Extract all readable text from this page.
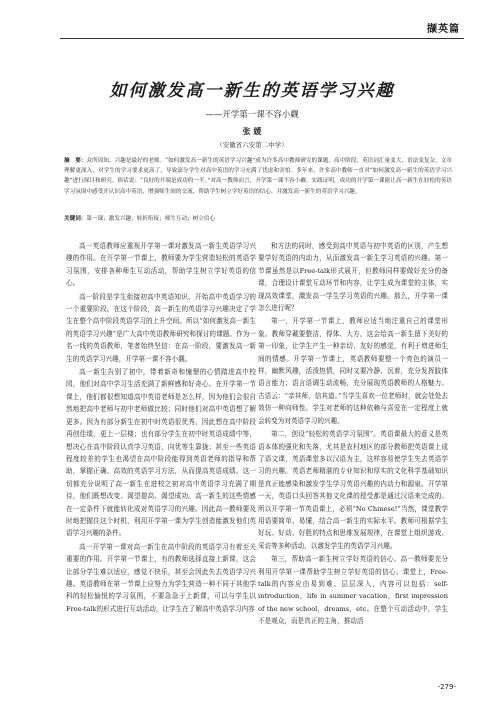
撷英篇
如何激发高一新生的英语学习兴趣
——开学第一课不容小觑
张 媛
（安徽省六安第二中学）
摘　要：众所周知，兴趣是最好的老师。“如何激发高一新生的英语学习兴趣”成为许多高中教师研究的课题。高中阶段，英语词汇量变大，语法变复杂，文章理解更深入，对学生的学习要求更高了，导致部分学生对高中英语的学习充满了忧虑和害怕。多年来，许多高中教师一直对“如何激发高一新生的英语学习兴趣”进行探讨和研究。俗话说：“良好的开端是成功的一半。”对高一教师而言，开学第一课不容小觑。实践证明，成功的开学第一课能让高一新生在轻松的英语学习氛围中感受开认识高中英语，增强师生间的交流，帮助学生树立学好英语的信心，并激发高一新生的英语学习兴趣。
关键词：第一课；激发兴趣；转折衔接；师生互动；树立信心

高一英语教师应重视开学第一课对激发高一新生英语学习兴趣的作用。在开学第一节课上，教师要为学生营造轻松的英语学习氛围，安排各种师生互动活动，帮助学生树立学好英语的信心。

高一阶段是学生衔接初高中英语知识、开始高中英语学习的一个重要阶段。在这个阶段，高一新生的英语学习兴趣决定了学生在整个高中阶段英语学习的上升空间。所以“如何激发高一新生的英语学习兴趣”是广大高中英语教师研究和探讨的课题。作为一名一线的英语教师，笔者始终坚信：在高一阶段，要激发高一新生的英语学习兴趣，开学第一课不容小觑。

高一新生告别了初中，带着新奇和憧憬的心情踏进高中校园，他们对高中学习生活充满了新鲜感和好奇心。在开学第一节课上，他们都很想知道高中英语老师是怎么样，因为他们会很自然地把高中老师与初中老师做比较；同时他们对高中英语想了解更多。因为有部分新生在初中时英语很优秀，因此想在高中阶段再创佳绩，更上一层楼；也有部分学生在初中时英语成绩中等，想决心在高中阶段认真学习英语，向优等生靠拢；甚至一些英语程度较差的学生也渴望在高中阶段能得到英语老师的指导和帮助，掌握正确、高效的英语学习方法，从而提高英语成绩。这一切都充分说明了高一新生在进校之初对高中英语学习充满了期待，他们既想改变、渴望提高、渴望成功。高一新生的这些情感在一定条件下就能转化成对英语学习的兴趣。因此高一教师要及时地把握住这个时机，利用开学第一课为学生创造能激发他们英语学习兴趣的条件。

高一开学第一课对高一新生在高中阶段的英语学习有着至关重要的作用。开学第一节课上，有的教师选择直接上新课，这会让部分学生难以适应，感觉不快乐，甚至会因此失去英语学习兴趣。英语教师在第一节课上应努力为学生营造一种不同于其他学科的轻松愉悦的学习氛围，不要急急于上新课，可以与学生以Free-talk的形式进行互动活动，让学生在了解高中英语学习内容

和方法的同时，感受到高中英语与初中英语的区别，产生想要学好英语的内动力，从而激发高一新生学习英语的兴趣。第一节课虽然是以Free-talk形式展开，但教师同样要做好充分的备课，合理设计课堂互动环节和内容，让学生成为课堂的主体，实现高效课堂，激发高一学生学习英语的兴趣。那么，开学第一课怎么进行呢？

第一，开学第一节课上，教师应适当地注重自己的课堂形象。教师穿戴要整洁，得体、大方，这会给高一新生留下美好的第一印象，让学生产生一种亲切、友好的感觉，有利于增进师生间的情感。开学第一节课上，英语教师要整一个亮色的演员一样，幽默风趣，活泼热情，同时又要冷静、沉着，充分发挥肢体语言能力；语言语调生动流畅，充分展现英语教师的人格魅力。古语云：“亲其师，信其道。”当学生喜欢一位老师时，就会处处去效仿一种向师性。学生对老师的这种依赖与喜爱在一定程度上就会转变为对英语学习的兴趣。

第二，创设“轻松的英语学习氛围”。英语课最大的意义是英语本体的强化和失落，尤其是农村地区的部分教师把英语课上成了语文课，英语课堂多以汉语为主，这样容易使学生失去英语学习的兴趣。英语老师精湛的专业知识和厚实的文化科学基础知识是真正能感染和激发学生学习英语兴趣的内动力和源泉。开学第一天，英语口头回答其他文化课的授受都是通过汉语来完成的。所以开学第一节英语课上，必须“No Chinese!”当然，课堂教学用语要简单、易懂，结合高一新生的实际水平。教师可根据学生好玩、好动、好胜的特点和思维发展规律，在课堂上组织游戏、采访等多种活动，以激发学生的英语学习兴趣。

第三，帮助高一新生树立学好英语的信心。高一教师要充分利用开学第一课帮助学生树立学好英语的信心。课堂上，Free-talk的内容应由易到难、层层深入，内容可以包括：self-introduction，life in summer vacation，first impression of the new school，dreams，etc。在整个互动活动中，学生不是观众，而是真正的主角，推动活

-279-
